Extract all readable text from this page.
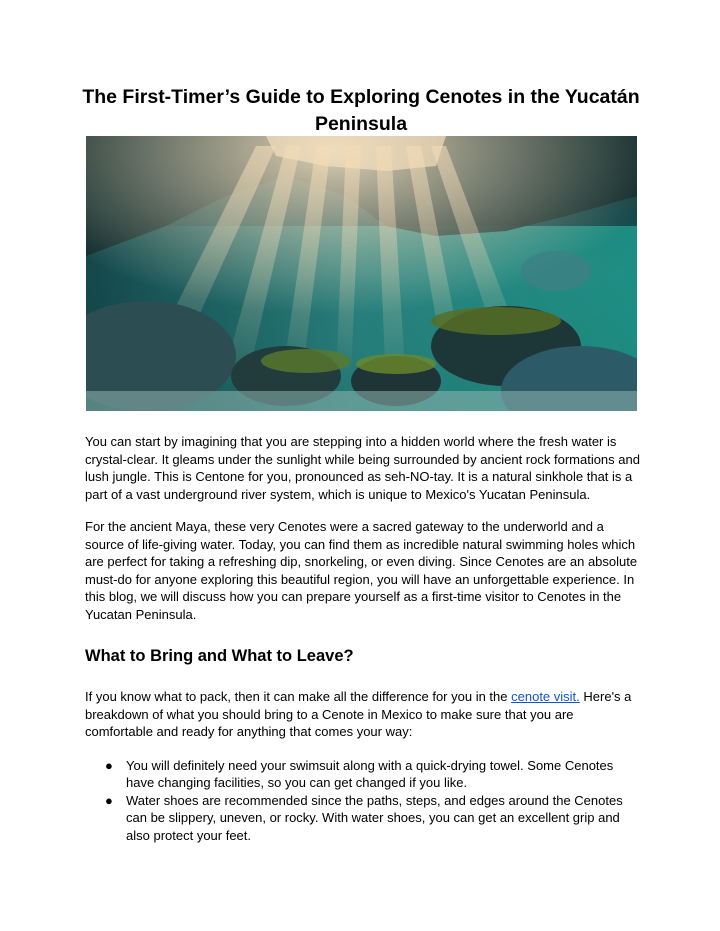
The First-Timer’s Guide to Exploring Cenotes in the Yucatán Peninsula

You can start by imagining that you are stepping into a hidden world where the fresh water is crystal-clear. It gleams under the sunlight while being surrounded by ancient rock formations and lush jungle. This is Centone for you, pronounced as seh-NO-tay. It is a natural sinkhole that is a part of a vast underground river system, which is unique to Mexico's Yucatan Peninsula.

For the ancient Maya, these very Cenotes were a sacred gateway to the underworld and a source of life-giving water. Today, you can find them as incredible natural swimming holes which are perfect for taking a refreshing dip, snorkeling, or even diving. Since Cenotes are an absolute must-do for anyone exploring this beautiful region, you will have an unforgettable experience. In this blog, we will discuss how you can prepare yourself as a first-time visitor to Cenotes in the Yucatan Peninsula.

What to Bring and What to Leave?

If you know what to pack, then it can make all the difference for you in the cenote visit. Here's a breakdown of what you should bring to a Cenote in Mexico to make sure that you are comfortable and ready for anything that comes your way:

● You will definitely need your swimsuit along with a quick-drying towel. Some Cenotes have changing facilities, so you can get changed if you like.
● Water shoes are recommended since the paths, steps, and edges around the Cenotes can be slippery, uneven, or rocky. With water shoes, you can get an excellent grip and also protect your feet.
